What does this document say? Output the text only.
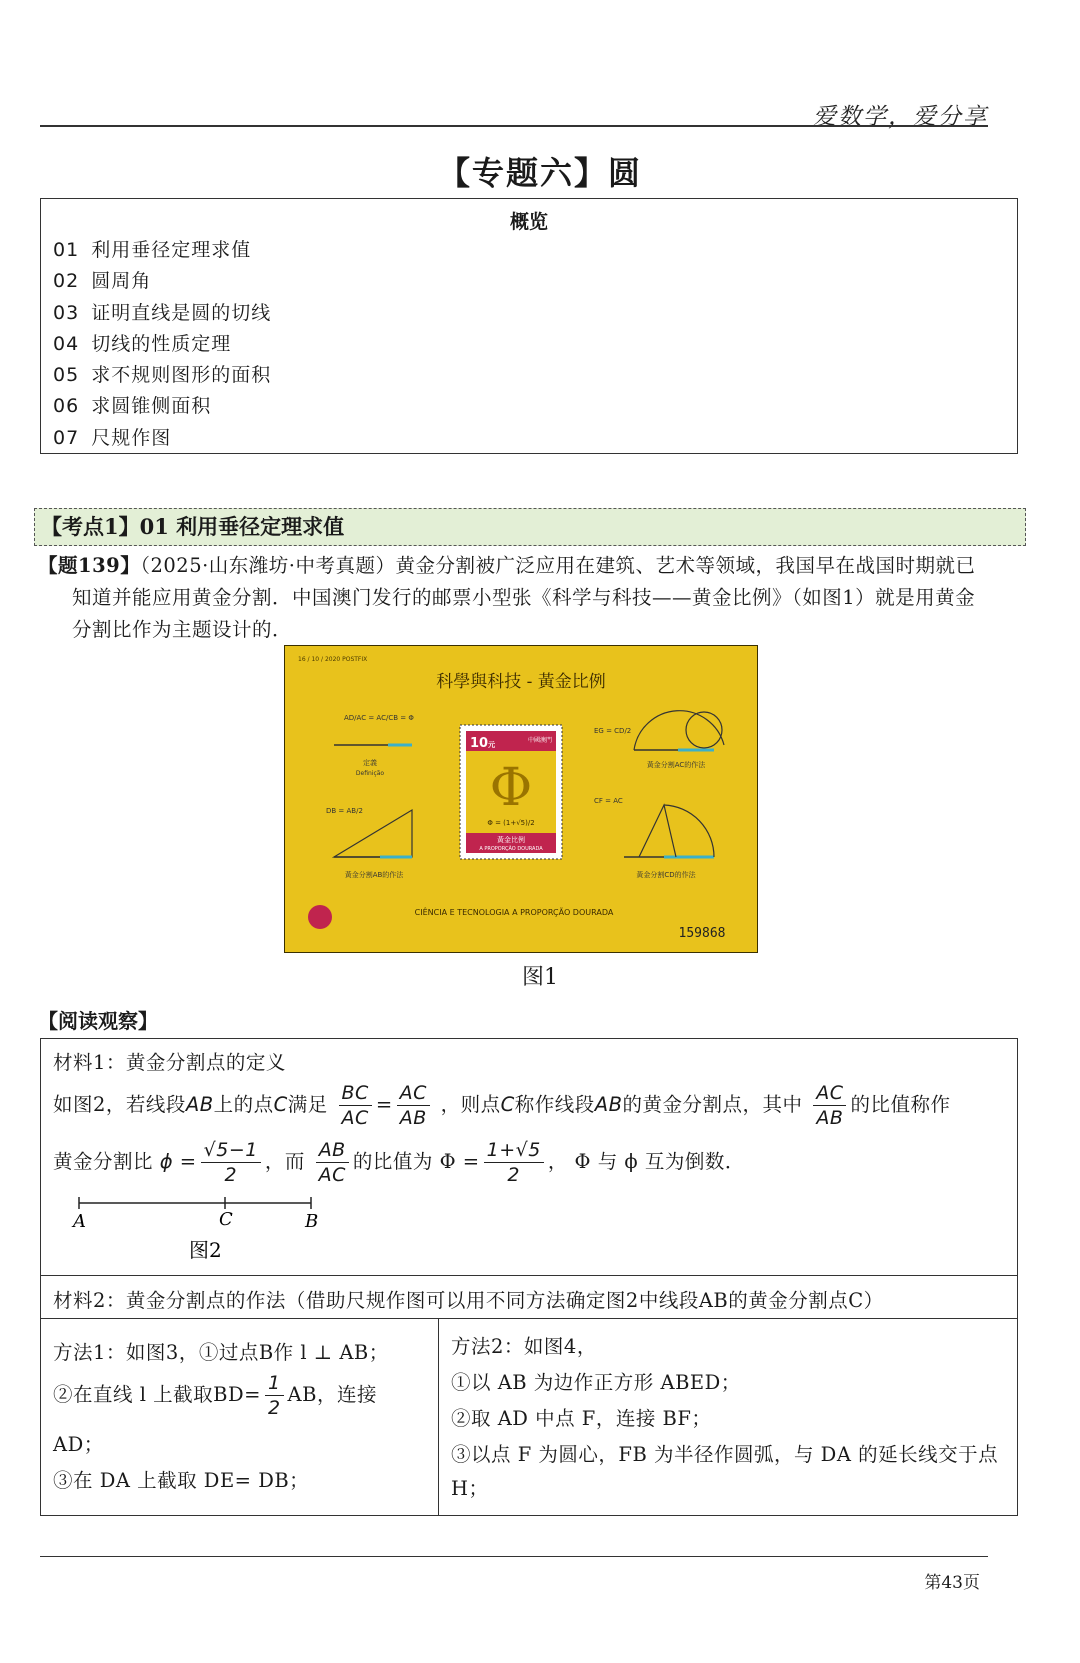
爱数学，爱分享
【专题六】圆
概览
01 利用垂径定理求值
02 圆周角
03 证明直线是圆的切线
04 切线的性质定理
05 求不规则图形的面积
06 求圆锥侧面积
07 尺规作图
【考点1】01 利用垂径定理求值

【题139】（2025·山东潍坊·中考真题）黄金分割被广泛应用在建筑、艺术等领域，我国早在战国时期就已

知道并能应用黄金分割．中国澳门发行的邮票小型张《科学与科技——黄金比例》（如图1）就是用黄金

分割比作为主题设计的．

16 / 10 / 2020 POSTFIX
科學與科技 - 黃金比例
AD/AC = AC/CB = Φ
定義
Definição
EG = CD/2
黃金分割AC的作法
DB = AB/2
黃金分割AB的作法
CF = AC
黃金分割CD的作法
10元
中國澳門
Φ
Φ = (1+√5)/2
黃金比例
A PROPORÇÃO DOURADA
CIÊNCIA E TECNOLOGIA A PROPORÇÃO DOURADA
159868
图1
【阅读观察】
材料1：黄金分割点的定义
如图2，若线段AB上的点C满足 $\frac{BC}{AC} = \frac{AC}{AB}$ ，则点C称作线段AB的黄金分割点，其中 $\frac{AC}{AB}$ 的比值称作
黄金分割比 $\phi = \frac{√5-1}{2}$ ，而 $\frac{AB}{AC}$ 的比值为 $\Phi = \frac{1+√5}{2}$ ， Φ 与 ϕ 互为倒数．
A	C	B
图2
材料2：黄金分割点的作法（借助尺规作图可以用不同方法确定图2中线段AB的黄金分割点C）
方法1：如图3，①过点B作 l ⊥ AB；
②在直线 l 上截取$BD= \frac{1}{2}$ AB，连接
AD；
③在 DA 上截取 DE= DB；
方法2：如图4，
①以 AB 为边作正方形 ABED；
②取 AD 中点 F，连接 BF；
③以点 F 为圆心，FB 为半径作圆弧，与 DA 的延长线交于点
H；
第43页
